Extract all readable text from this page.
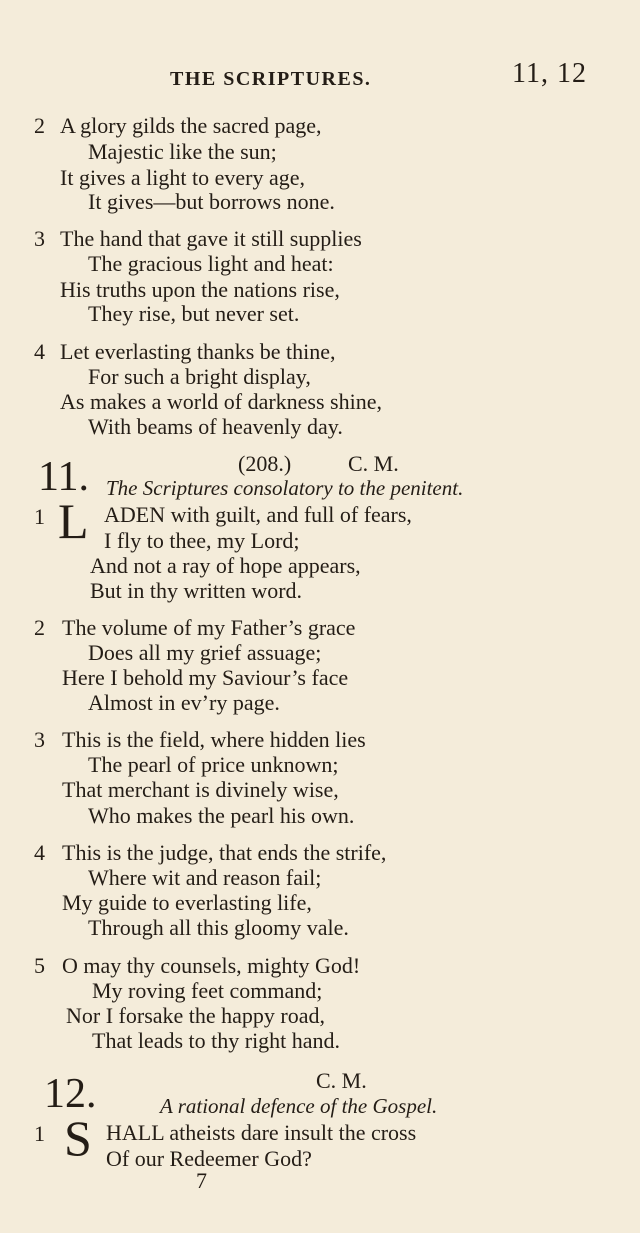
THE SCRIPTURES.	11, 12
2 A glory gilds the sacred page,
Majestic like the sun;
It gives a light to every age,
It gives—but borrows none.
3 The hand that gave it still supplies
The gracious light and heat:
His truths upon the nations rise,
They rise, but never set.
4 Let everlasting thanks be thine,
For such a bright display,
As makes a world of darkness shine,
With beams of heavenly day.
11.	(208.)	C. M.
The Scriptures consolatory to the penitent.
1 L ADEN with guilt, and full of fears,
I fly to thee, my Lord;
And not a ray of hope appears,
But in thy written word.
2 The volume of my Father’s grace
Does all my grief assuage;
Here I behold my Saviour’s face
Almost in ev’ry page.
3 This is the field, where hidden lies
The pearl of price unknown;
That merchant is divinely wise,
Who makes the pearl his own.
4 This is the judge, that ends the strife,
Where wit and reason fail;
My guide to everlasting life,
Through all this gloomy vale.
5 O may thy counsels, mighty God!
My roving feet command;
Nor I forsake the happy road,
That leads to thy right hand.
12.	C. M.
A rational defence of the Gospel.
1 S HALL atheists dare insult the cross
Of our Redeemer God?
7
